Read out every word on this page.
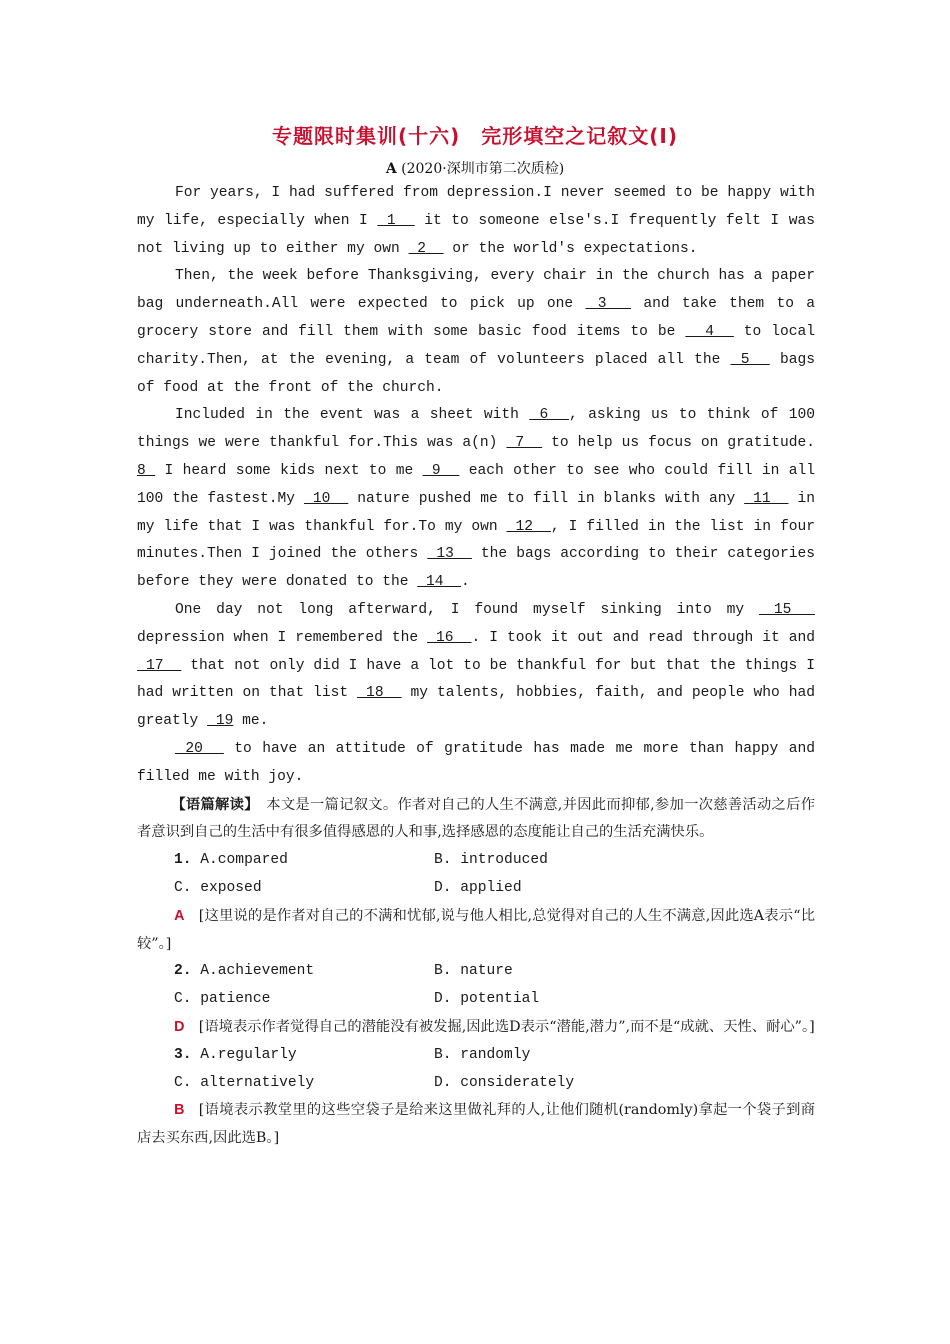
专题限时集训(十六)　完形填空之记叙文(Ⅰ)
A (2020·深圳市第二次质检)

For years, I had suffered from depression.I never seemed to be happy with my life, especially when I  1   it to someone else's.I frequently felt I was not living up to either my own  2   or the world's expectations.

Then, the week before Thanksgiving, every chair in the church has a paper bag underneath.All were expected to pick up one  3   and take them to a grocery store and fill them with some basic food items to be   4   to local charity.Then, at the evening, a team of volunteers placed all the  5   bags of food at the front of the church.

Included in the event was a sheet with  6  , asking us to think of 100 things we were thankful for.This was a(n)  7   to help us focus on gratitude. 8  I heard some kids next to me  9   each other to see who could fill in all 100 the fastest.My  10   nature pushed me to fill in blanks with any  11   in my life that I was thankful for.To my own  12  , I filled in the list in four minutes.Then I joined the others  13   the bags according to their categories before they were donated to the  14  .

One day not long afterward, I found myself sinking into my  15   depression when I remembered the  16  . I took it out and read through it and  17   that not only did I have a lot to be thankful for but that the things I had written on that list  18   my talents, hobbies, faith, and people who had greatly  19 me.

20   to have an attitude of gratitude has made me more than happy and filled me with joy.

【语篇解读】　 本文是一篇记叙文。作者对自己的人生不满意,并因此而抑郁,参加一次慈善活动之后作者意识到自己的生活中有很多值得感恩的人和事,选择感恩的态度能让自己的生活充满快乐。

1. A.compared	B. introduced
C. exposed	D. applied

A  [这里说的是作者对自己的不满和忧郁,说与他人相比,总觉得对自己的人生不满意,因此选A表示“比较”。]

2. A.achievement	B. nature
C. patience	D. potential

D  [语境表示作者觉得自己的潜能没有被发掘,因此选D表示“潜能,潜力”,而不是“成就、天性、耐心”。]

3. A.regularly	B. randomly
C. alternatively	D. considerately

B  [语境表示教堂里的这些空袋子是给来这里做礼拜的人,让他们随机(randomly)拿起一个袋子到商店去买东西,因此选B。]
